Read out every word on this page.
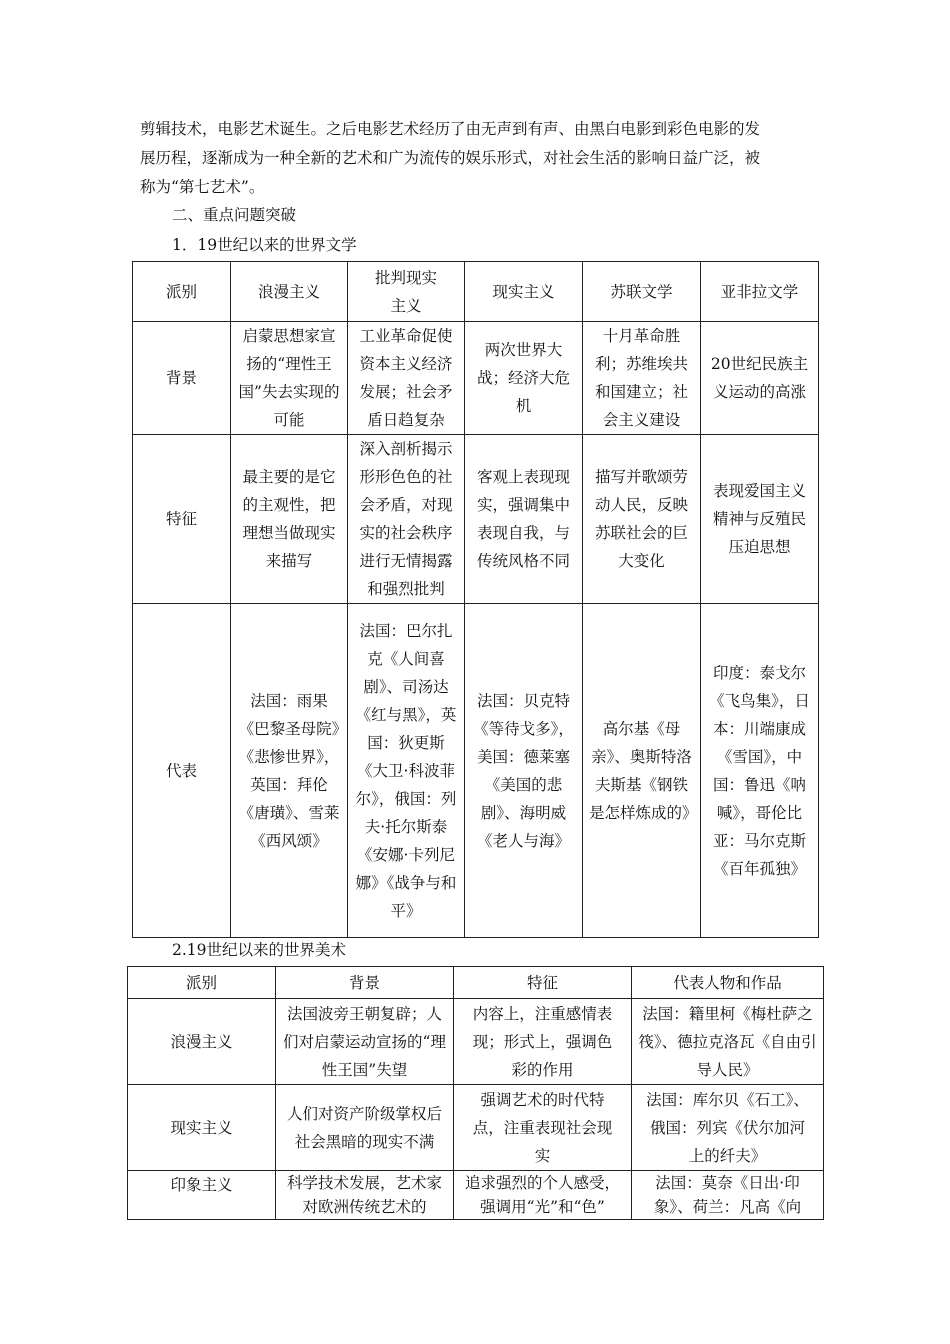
剪辑技术，电影艺术诞生。之后电影艺术经历了由无声到有声、由黑白电影到彩色电影的发
展历程，逐渐成为一种全新的艺术和广为流传的娱乐形式，对社会生活的影响日益广泛，被
称为“第七艺术”。
二、重点问题突破
1．19世纪以来的世界文学
派别	浪漫主义	批判现实主义	现实主义	苏联文学	亚非拉文学
背景	启蒙思想家宣扬的“理性王国”失去实现的可能	工业革命促使资本主义经济发展；社会矛盾日趋复杂	两次世界大战；经济大危机	十月革命胜利；苏维埃共和国建立；社会主义建设	20世纪民族主义运动的高涨
特征	最主要的是它的主观性，把理想当做现实来描写	深入剖析揭示形形色色的社会矛盾，对现实的社会秩序进行无情揭露和强烈批判	客观上表现现实，强调集中表现自我，与传统风格不同	描写并歌颂劳动人民，反映苏联社会的巨大变化	表现爱国主义精神与反殖民压迫思想
代表	法国：雨果《巴黎圣母院》《悲惨世界》，英国：拜伦《唐璜》、雪莱《西风颂》	法国：巴尔扎克《人间喜剧》、司汤达《红与黑》，英国：狄更斯《大卫·科波菲尔》，俄国：列夫·托尔斯泰《安娜·卡列尼娜》《战争与和平》	法国：贝克特《等待戈多》，美国：德莱塞《美国的悲剧》、海明威《老人与海》	高尔基《母亲》、奥斯特洛夫斯基《钢铁是怎样炼成的》	印度：泰戈尔《飞鸟集》，日本：川端康成《雪国》，中国：鲁迅《呐喊》，哥伦比亚：马尔克斯《百年孤独》
2.19世纪以来的世界美术
派别	背景	特征	代表人物和作品
浪漫主义	法国波旁王朝复辟；人们对启蒙运动宣扬的“理性王国”失望	内容上，注重感情表现；形式上，强调色彩的作用	法国：籍里柯《梅杜萨之筏》、德拉克洛瓦《自由引导人民》
现实主义	人们对资产阶级掌权后社会黑暗的现实不满	强调艺术的时代特点，注重表现社会现实	法国：库尔贝《石工》、俄国：列宾《伏尔加河上的纤夫》
印象主义	科学技术发展，艺术家对欧洲传统艺术的	追求强烈的个人感受，强调用“光”和“色”	法国：莫奈《日出·印象》、荷兰：凡高《向
